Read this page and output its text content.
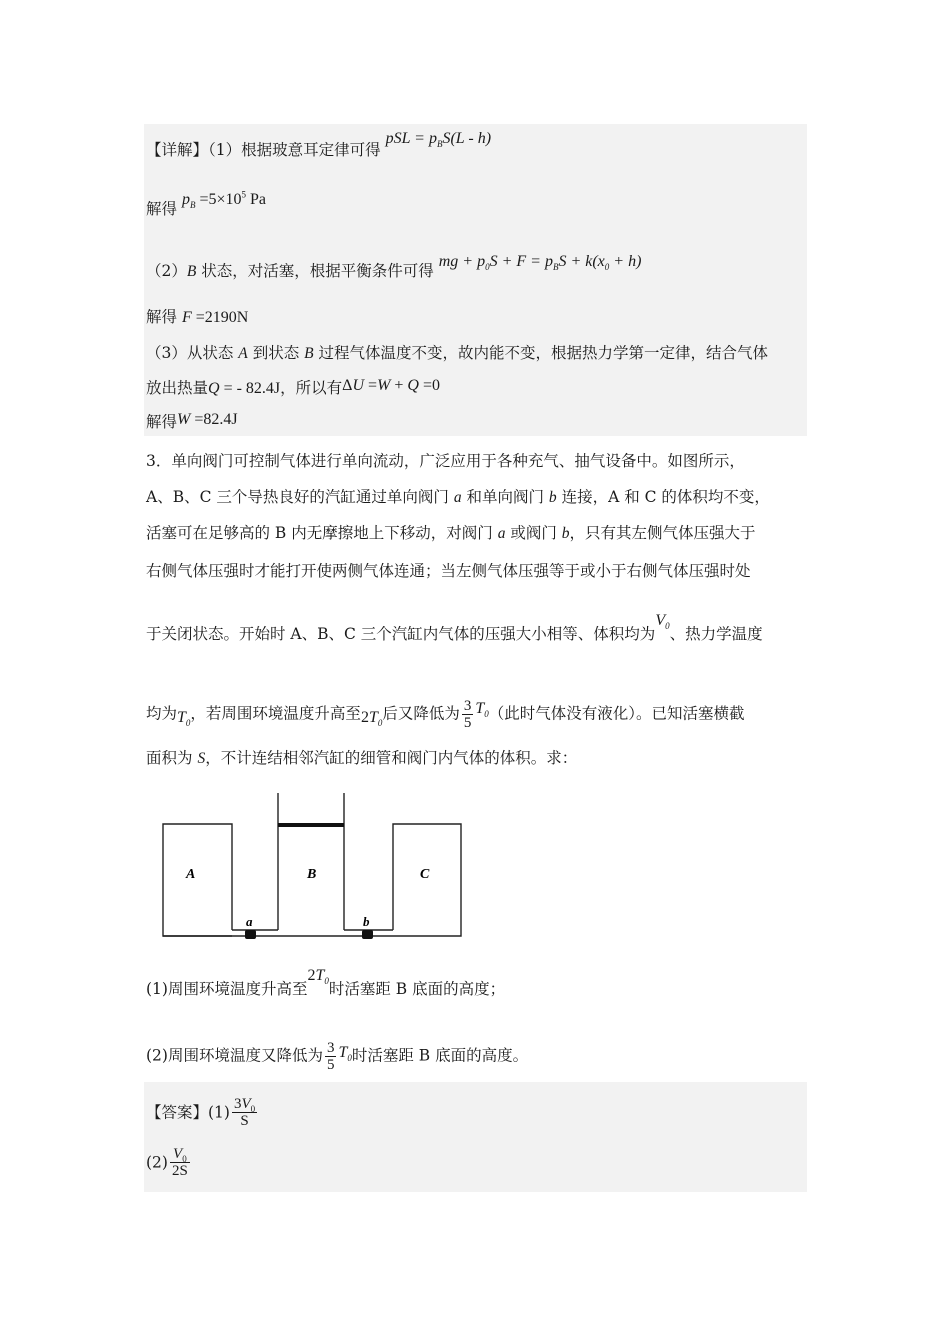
【详解】（1）根据玻意耳定律可得 pSL = $p_BS(L - h)$
解得 $p_B =5\times 10^5$ Pa
（2）B 状态，对活塞，根据平衡条件可得 mg + $p_0S + F = p_BS + k(x_0 + h)$
解得 F =2190N
（3）从状态 A 到状态 B 过程气体温度不变，故内能不变，根据热力学第一定律，结合气体
放出热量Q = - 82.4J，所以有ΔU =W + Q =0
解得W =82.4J
3．单向阀门可控制气体进行单向流动，广泛应用于各种充气、抽气设备中。如图所示，
A、B、C 三个导热良好的汽缸通过单向阀门 a 和单向阀门 b 连接，A 和 C 的体积均不变，
活塞可在足够高的 B 内无摩擦地上下移动，对阀门 a 或阀门 b，只有其左侧气体压强大于
右侧气体压强时才能打开使两侧气体连通；当左侧气体压强等于或小于右侧气体压强时处
于关闭状态。开始时 A、B、C 三个汽缸内气体的压强大小相等、体积均为$V_0$、热力学温度
均为$T_0$，若周围环境温度升高至$2T_0$后又降低为 $\frac{3}{5} T_0$（此时气体没有液化）。已知活塞横截
面积为 S，不计连结相邻汽缸的细管和阀门内气体的体积。求：
A	B	C
a	b
(1)周围环境温度升高至$2T_0$时活塞距 B 底面的高度；
(2)周围环境温度又降低为 $\frac{3}{5} T_0$时活塞距 B 底面的高度。
【答案】$(1) \frac{3V_0}{S}$
$(2) \frac{V_0}{2S}$
